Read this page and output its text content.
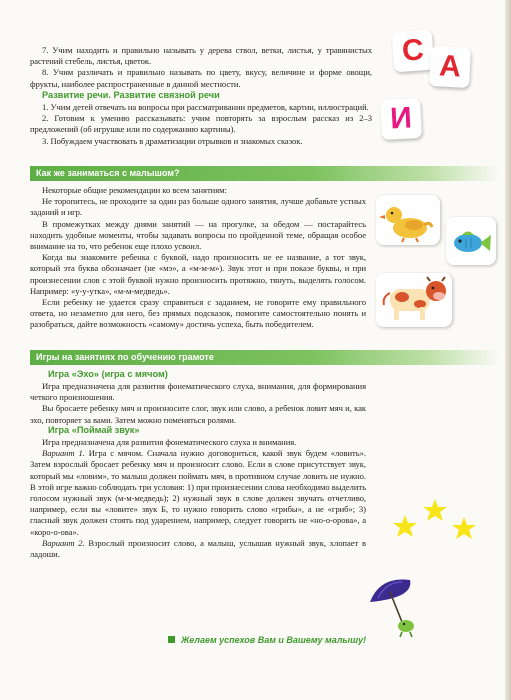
С А
И

7. Учим находить и правильно называть у дерева ствол, ветки, листья, у травянистых растений стебель, листья, цветок.

8. Учим различать и правильно называть по цвету, вкусу, величине и форме овощи, фрукты, наиболее распространенные в данной местности.

Развитие речи. Развитие связной речи

1. Учим детей отвечать на вопросы при рассматривании предметов, картин, иллюстраций.

2. Готовим к умению рассказывать: учим повторять за взрослым рассказ из 2–3 предложений (об игрушке или по содержанию картины).

3. Побуждаем участвовать в драматизации отрывков и знакомых сказок.

Как же заниматься с малышом?

Некоторые общие рекомендации ко всем занятиям:

Не торопитесь, не проходите за один раз больше одного занятия, лучше добавьте устных заданий и игр.

В промежутках между днями занятий — на прогулке, за обедом — постарайтесь находить удобные моменты, чтобы задавать вопросы по пройденной теме, обращая особое внимание на то, что ребенок еще плохо усвоил.

Когда вы знакомите ребенка с буквой, надо произносить не ее название, а тот звук, который эта буква обозначает (не «мэ», а «м-м-м»). Звук этот и при показе буквы, и при произнесении слов с этой буквой нужно произносить протяжно, тянуть, выделять голосом. Например: «у-у-утка», «м-м-медведь».

Если ребенку не удается сразу справиться с заданием, не говорите ему правильного ответа, но незаметно для него, без прямых подсказок, помогите самостоятельно понять и разобраться, дайте возможность «самому» достичь успеха, быть победителем.

Игры на занятиях по обучению грамоте
Игра «Эхо» (игра с мячом)

Игра предназначена для развития фонематического слуха, внимания, для формирования четкого произношения.

Вы бросаете ребенку мяч и произносите слог, звук или слово, а ребенок ловит мяч и, как эхо, повторяет за вами. Затем можно поменяться ролями.

Игра «Поймай звук»

Игра предназначена для развития фонематического слуха и внимания.

Вариант 1. Игра с мячом. Сначала нужно договориться, какой звук будем «ловить». Затем взрослый бросает ребенку мяч и произносит слово. Если в слове присутствует звук, который мы «ловим», то малыш должен поймать мяч, в противном случае ловить не нужно. В этой игре важно соблюдать три условия: 1) при произнесении слова необходимо выделить голосом нужный звук (м-м-медведь); 2) нужный звук в слове должен звучать отчетливо, например, если вы «ловите» звук Б, то нужно говорить слово «грибы», а не «гриб»; 3) гласный звук должен стоять под ударением, например, следует говорить не «но-о-орова», а «коро-о-ова».

Вариант 2. Взрослый произносит слово, а малыш, услышав нужный звук, хлопает в ладоши.

Желаем успехов Вам и Вашему малышу!
